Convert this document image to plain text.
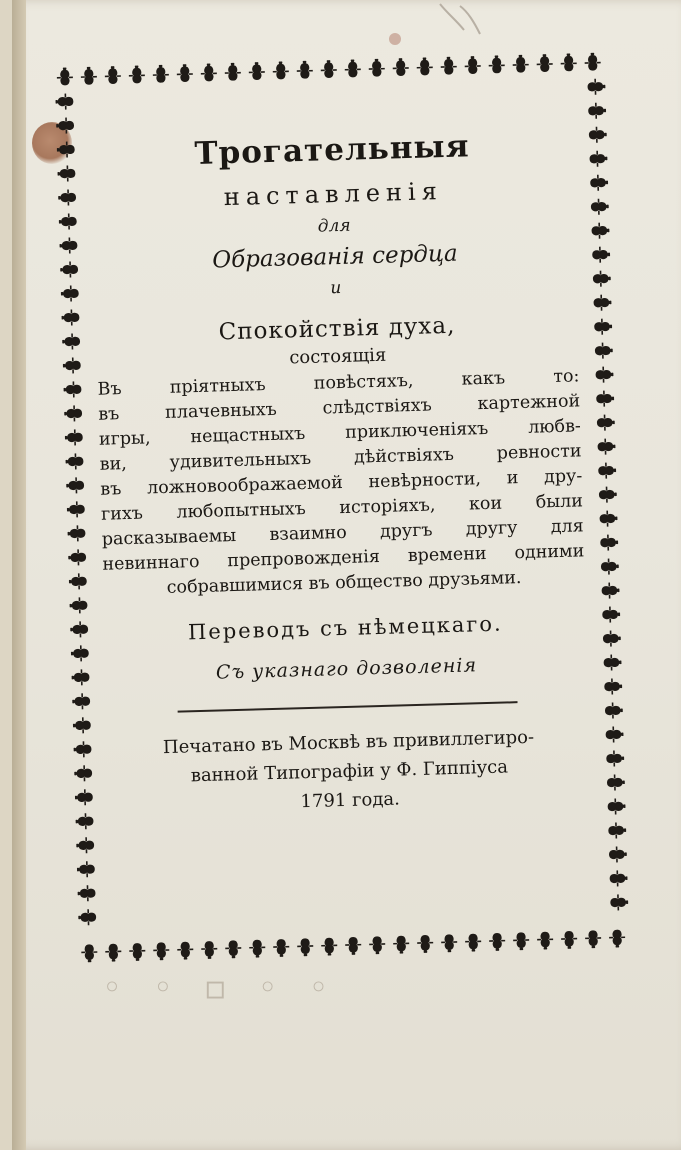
Трогательныя
наставленія
для
Образованія сердца
и
Спокойствія духа,
состоящія
Въ пріятныхъ повѣстяхъ, какъ то:
въ плачевныхъ слѣдствіяхъ картежной
игры, нещастныхъ приключеніяхъ любв-
ви, удивительныхъ дѣйствіяхъ ревности
въ ложновоображаемой невѣрности, и дру-
гихъ любопытныхъ исторіяхъ, кои были
расказываемы взаимно другъ другу для
невиннаго препровожденія времени одними
собравшимися въ общество друзьями.
Переводъ съ нѣмецкаго.
Съ указнаго дозволенія
Печатано въ Москвѣ въ привиллегиро-
ванной Типографіи у Ф. Гиппіуса
1791 года.
◦ ◦ ▫ ◦ ◦
